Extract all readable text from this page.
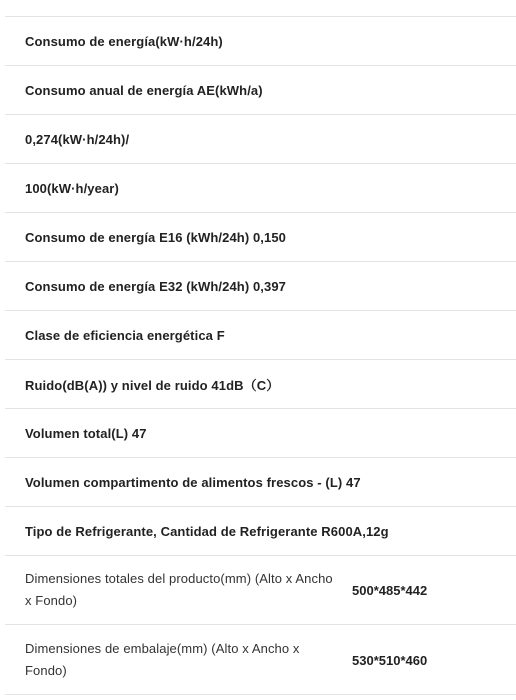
Consumo de energía(kW·h/24h)
Consumo anual de energía AE(kWh/a)
0,274(kW·h/24h)/
100(kW·h/year)
Consumo de energía E16 (kWh/24h) 0,150
Consumo de energía E32 (kWh/24h) 0,397
Clase de eficiencia energética F
Ruido(dB(A)) y nivel de ruido 41dB（C）
Volumen total(L) 47
Volumen compartimento de alimentos frescos - (L) 47
Tipo de Refrigerante, Cantidad de Refrigerante R600A,12g
Dimensiones totales del producto(mm) (Alto x Ancho x Fondo)
500*485*442
Dimensiones de embalaje(mm) (Alto x Ancho x Fondo)
530*510*460
